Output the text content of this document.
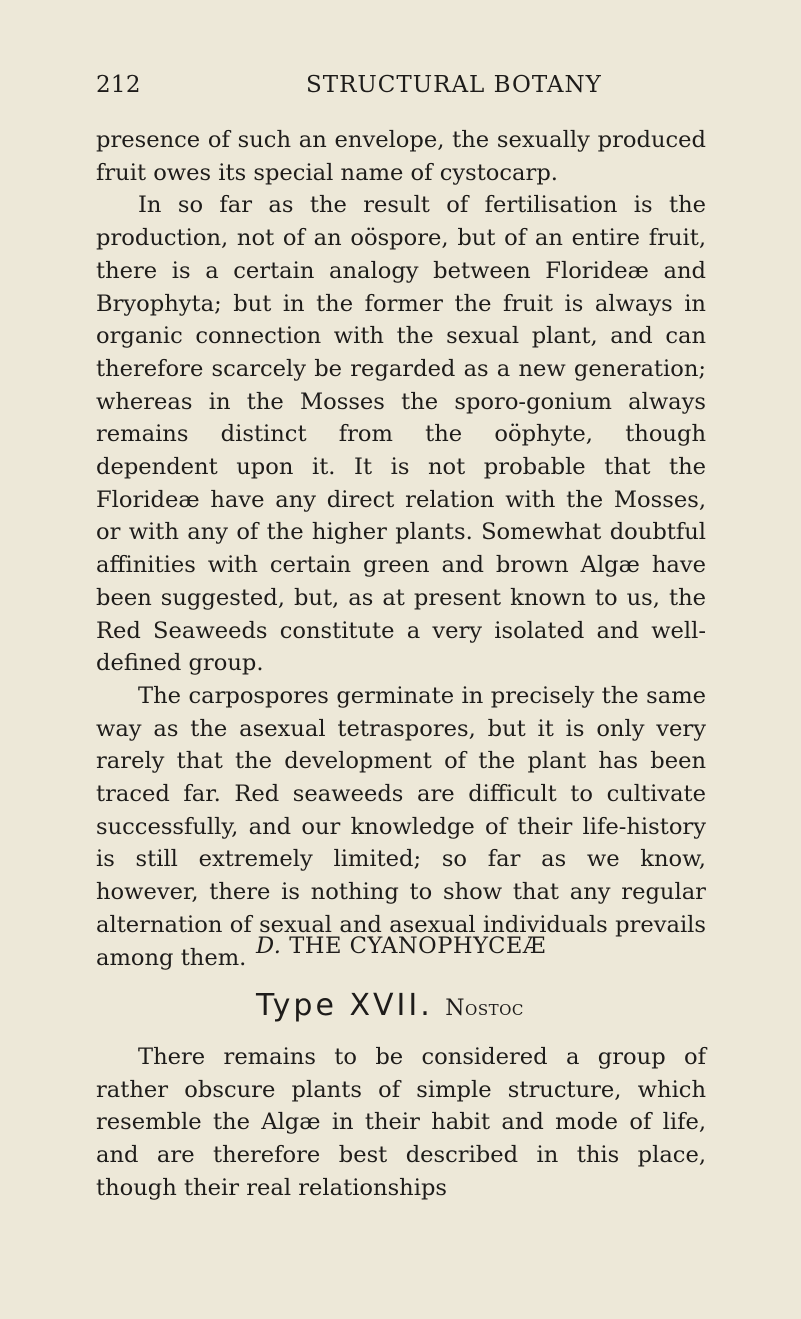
212	STRUCTURAL BOTANY

presence of such an envelope, the sexually produced fruit owes its special name of cystocarp.

In so far as the result of fertilisation is the production, not of an oöspore, but of an entire fruit, there is a certain analogy between Florideæ and Bryophyta; but in the former the fruit is always in organic connection with the sexual plant, and can therefore scarcely be regarded as a new generation; whereas in the Mosses the sporo-gonium always remains distinct from the oöphyte, though dependent upon it. It is not probable that the Florideæ have any direct relation with the Mosses, or with any of the higher plants. Somewhat doubtful affinities with certain green and brown Algæ have been suggested, but, as at present known to us, the Red Seaweeds constitute a very isolated and well-defined group.

The carpospores germinate in precisely the same way as the asexual tetraspores, but it is only very rarely that the development of the plant has been traced far. Red seaweeds are difficult to cultivate successfully, and our knowledge of their life-history is still extremely limited; so far as we know, however, there is nothing to show that any regular alternation of sexual and asexual individuals prevails among them. D. THE CYANOPHYCEÆ
Type XVII. Nostoc

There remains to be considered a group of rather obscure plants of simple structure, which resemble the Algæ in their habit and mode of life, and are therefore best described in this place, though their real relationships
